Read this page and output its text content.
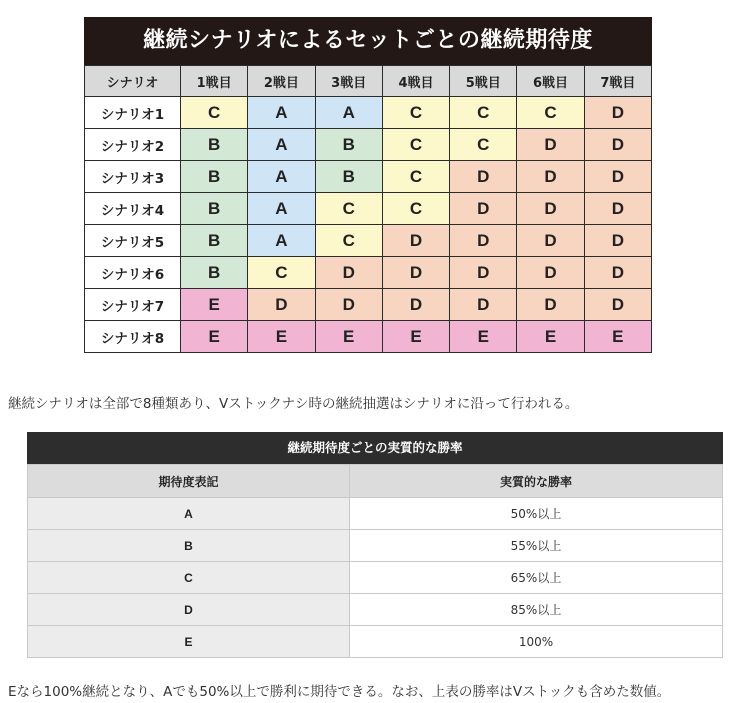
継続シナリオによるセットごとの継続期待度
シナリオ	1戦目	2戦目	3戦目	4戦目	5戦目	6戦目	7戦目
シナリオ1	C	A	A	C	C	C	D
シナリオ2	B	A	B	C	C	D	D
シナリオ3	B	A	B	C	D	D	D
シナリオ4	B	A	C	C	D	D	D
シナリオ5	B	A	C	D	D	D	D
シナリオ6	B	C	D	D	D	D	D
シナリオ7	E	D	D	D	D	D	D
シナリオ8	E	E	E	E	E	E	E
継続シナリオは全部で8種類あり、Vストックナシ時の継続抽選はシナリオに沿って行われる。
継続期待度ごとの実質的な勝率
期待度表記	実質的な勝率
A	50%以上
B	55%以上
C	65%以上
D	85%以上
E	100%
Eなら100%継続となり、Aでも50%以上で勝利に期待できる。なお、上表の勝率はVストックも含めた数値。
